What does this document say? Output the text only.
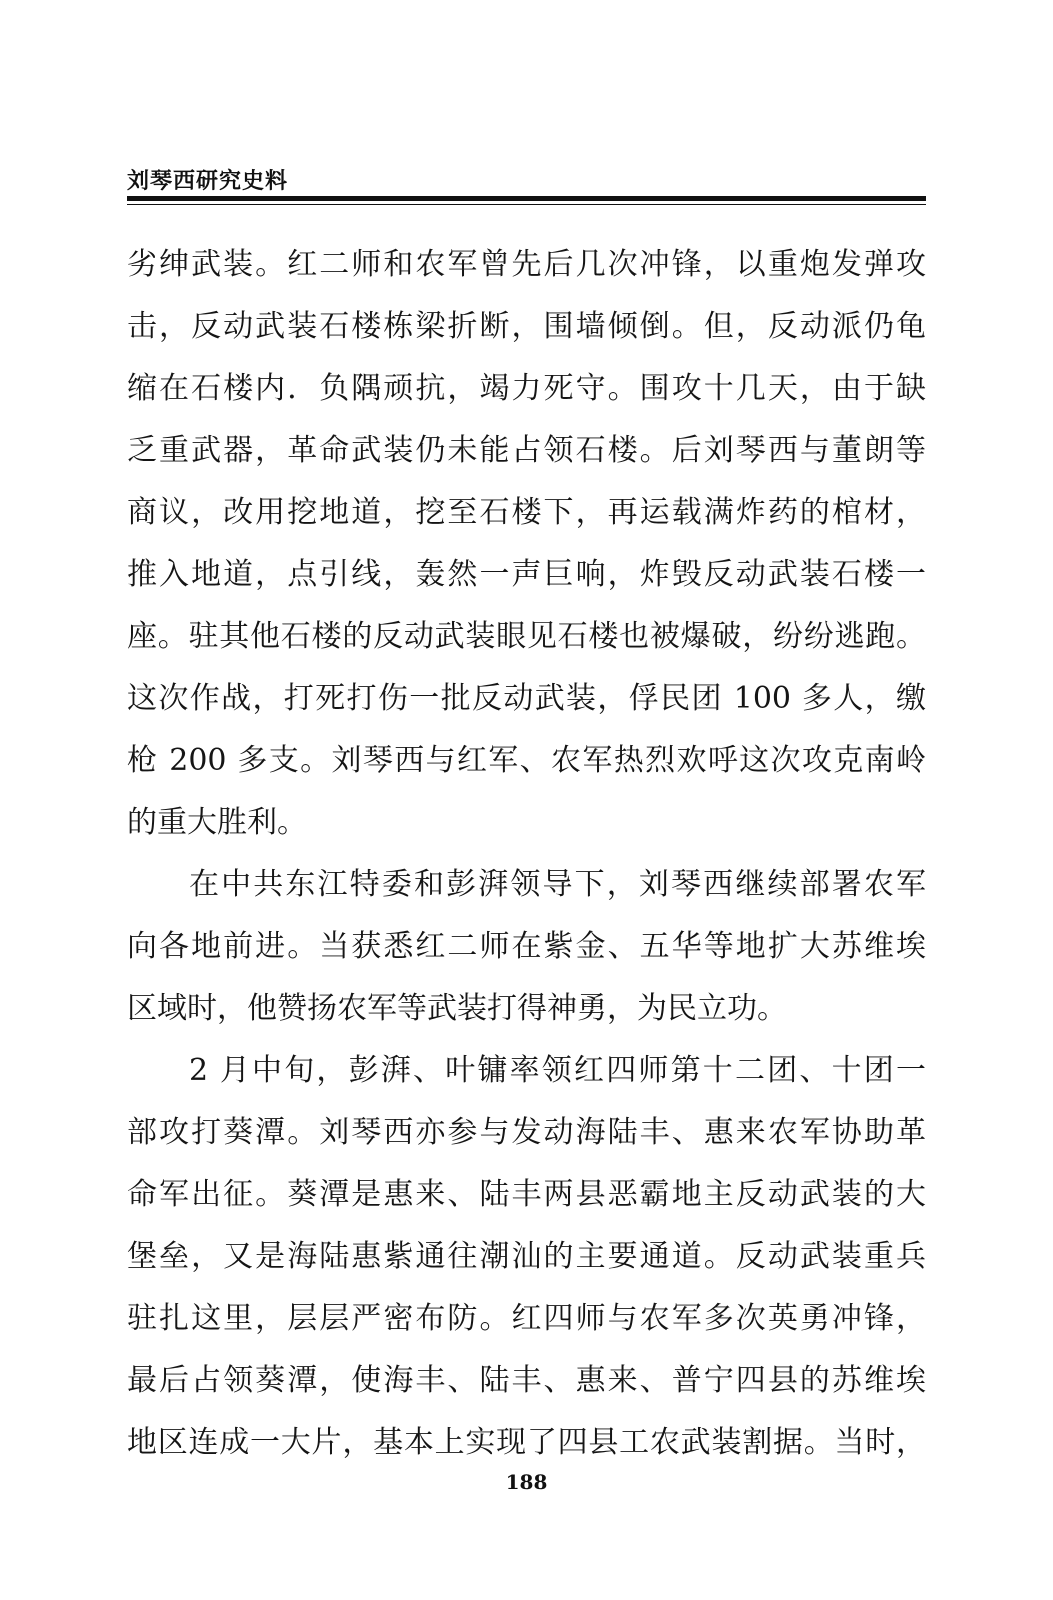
刘琴西研究史料
劣绅武装。红二师和农军曾先后几次冲锋，以重炮发弹攻
击，反动武装石楼栋梁折断，围墙倾倒。但，反动派仍龟
缩在石楼内．负隅顽抗，竭力死守。围攻十几天，由于缺
乏重武器，革命武装仍未能占领石楼。后刘琴西与董朗等
商议，改用挖地道，挖至石楼下，再运载满炸药的棺材，
推入地道，点引线，轰然一声巨响，炸毁反动武装石楼一
座。驻其他石楼的反动武装眼见石楼也被爆破，纷纷逃跑。
这次作战，打死打伤一批反动武装，俘民团 100 多人，缴
枪 200 多支。刘琴西与红军、农军热烈欢呼这次攻克南岭
的重大胜利。
在中共东江特委和彭湃领导下，刘琴西继续部署农军
向各地前进。当获悉红二师在紫金、五华等地扩大苏维埃
区域时，他赞扬农军等武装打得神勇，为民立功。
2 月中旬，彭湃、叶镛率领红四师第十二团、十团一
部攻打葵潭。刘琴西亦参与发动海陆丰、惠来农军协助革
命军出征。葵潭是惠来、陆丰两县恶霸地主反动武装的大
堡垒，又是海陆惠紫通往潮汕的主要通道。反动武装重兵
驻扎这里，层层严密布防。红四师与农军多次英勇冲锋，
最后占领葵潭，使海丰、陆丰、惠来、普宁四县的苏维埃
地区连成一大片，基本上实现了四县工农武装割据。当时，
188
